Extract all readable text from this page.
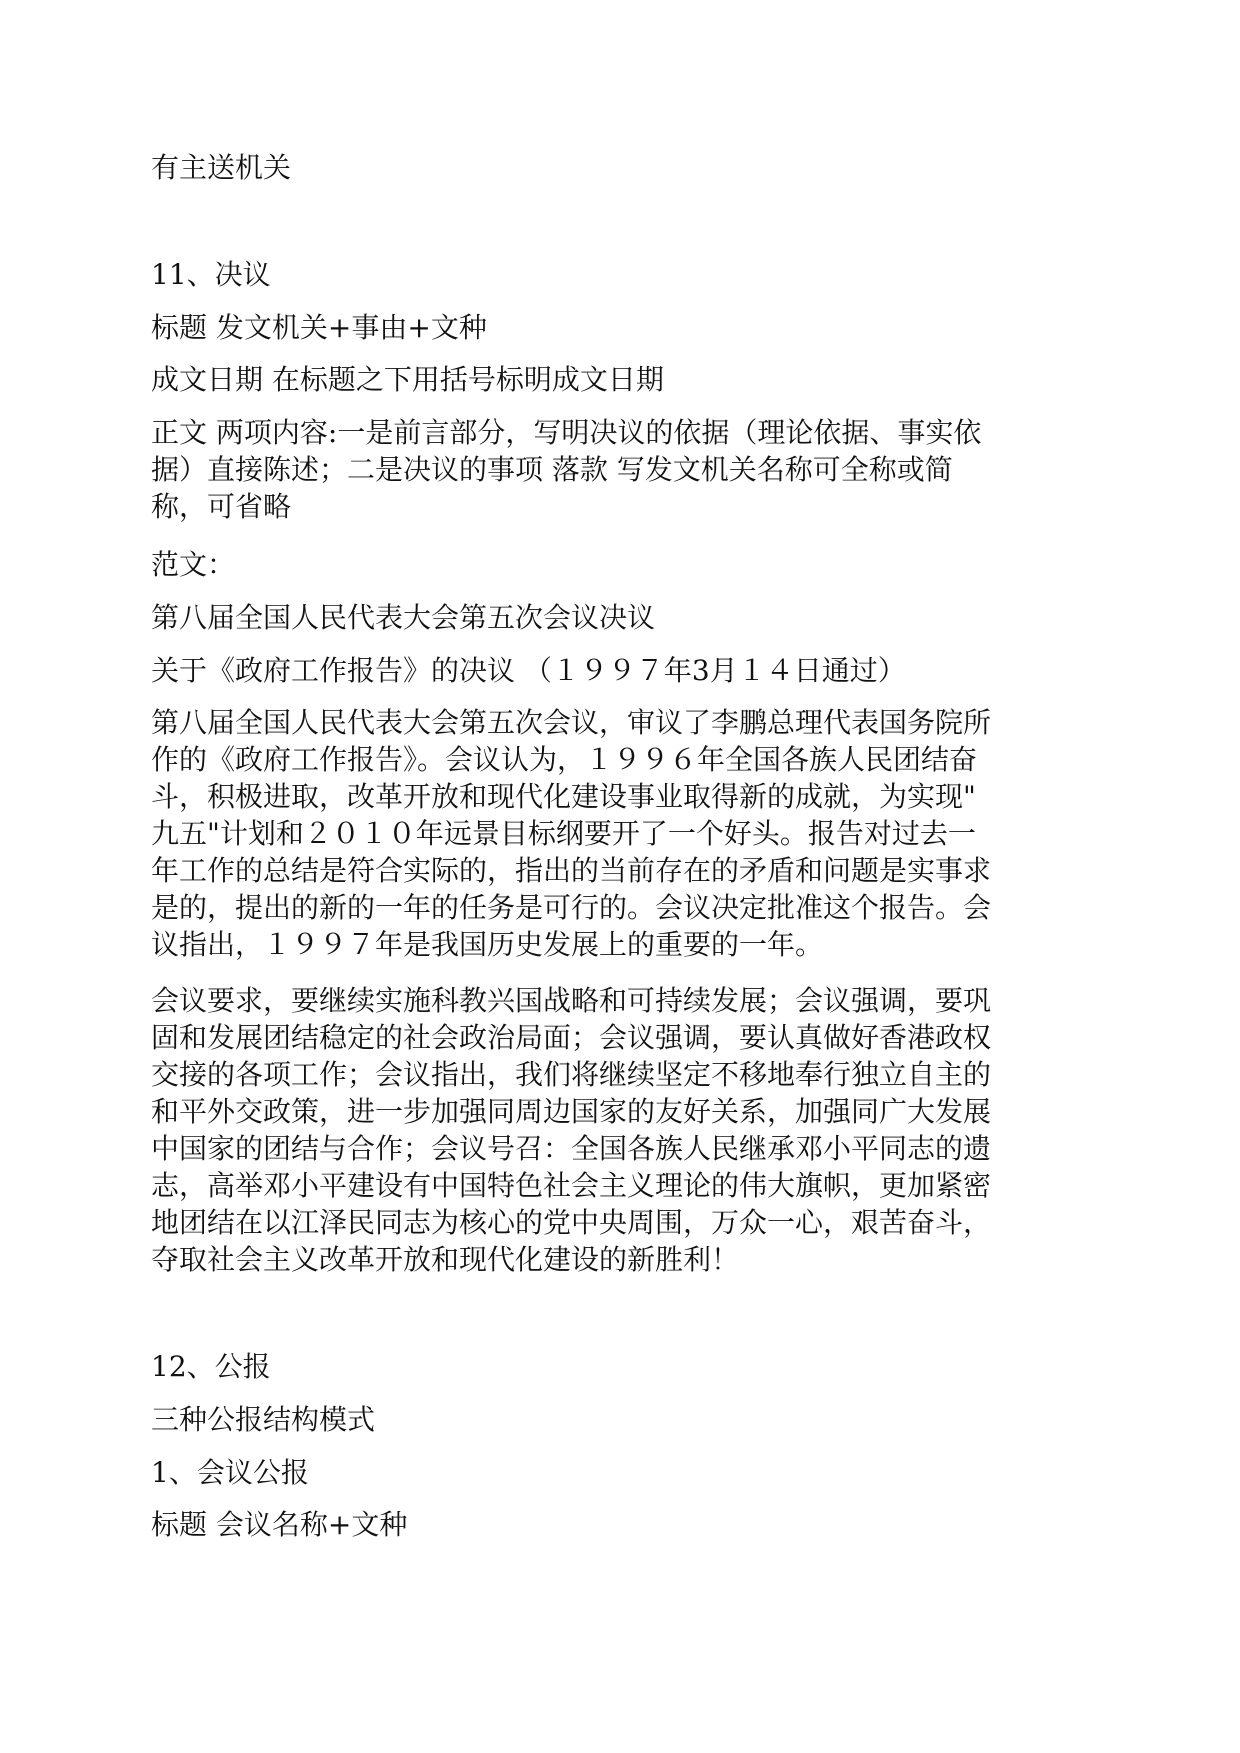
有主送机关

11、决议

标题 发文机关+事由+文种

成文日期 在标题之下用括号标明成文日期

正文 两项内容:一是前言部分，写明决议的依据（理论依据、事实依

据）直接陈述；二是决议的事项 落款 写发文机关名称可全称或简

称，可省略

范文：

第八届全国人民代表大会第五次会议决议

关于《政府工作报告》的决议 （１９９７年3月１４日通过）

第八届全国人民代表大会第五次会议，审议了李鹏总理代表国务院所

作的《政府工作报告》。会议认为，１９９６年全国各族人民团结奋

斗，积极进取，改革开放和现代化建设事业取得新的成就，为实现"

九五"计划和２０１０年远景目标纲要开了一个好头。报告对过去一

年工作的总结是符合实际的，指出的当前存在的矛盾和问题是实事求

是的，提出的新的一年的任务是可行的。会议决定批准这个报告。会

议指出，１９９７年是我国历史发展上的重要的一年。

会议要求，要继续实施科教兴国战略和可持续发展；会议强调，要巩

固和发展团结稳定的社会政治局面；会议强调，要认真做好香港政权

交接的各项工作；会议指出，我们将继续坚定不移地奉行独立自主的

和平外交政策，进一步加强同周边国家的友好关系，加强同广大发展

中国家的团结与合作；会议号召：全国各族人民继承邓小平同志的遗

志，高举邓小平建设有中国特色社会主义理论的伟大旗帜，更加紧密

地团结在以江泽民同志为核心的党中央周围，万众一心，艰苦奋斗，

夺取社会主义改革开放和现代化建设的新胜利！

12、公报

三种公报结构模式

1、会议公报

标题 会议名称+文种
